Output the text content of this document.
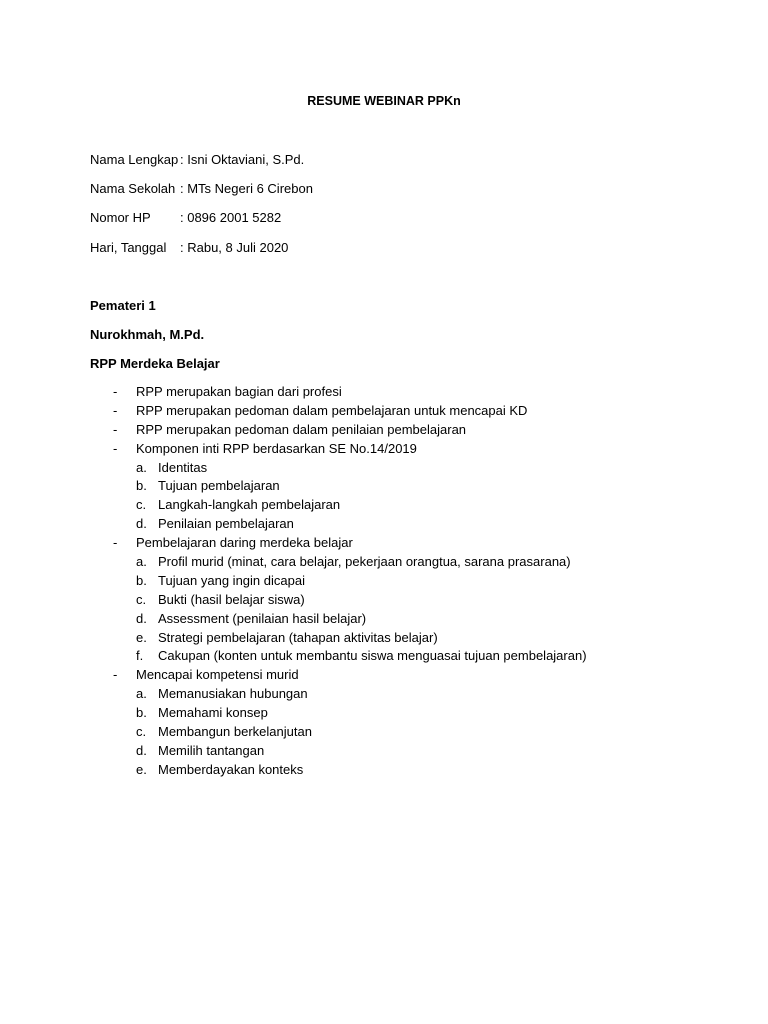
RESUME WEBINAR PPKn
Nama Lengkap : Isni Oktaviani, S.Pd.
Nama Sekolah : MTs Negeri 6 Cirebon
Nomor HP : 0896 2001 5282
Hari, Tanggal : Rabu, 8 Juli 2020
Pemateri 1
Nurokhmah, M.Pd.
RPP Merdeka Belajar
- RPP merupakan bagian dari profesi
- RPP merupakan pedoman dalam pembelajaran untuk mencapai KD
- RPP merupakan pedoman dalam penilaian pembelajaran
- Komponen inti RPP berdasarkan SE No.14/2019
a. Identitas
b. Tujuan pembelajaran
c. Langkah-langkah pembelajaran
d. Penilaian pembelajaran
- Pembelajaran daring merdeka belajar
a. Profil murid (minat, cara belajar, pekerjaan orangtua, sarana prasarana)
b. Tujuan yang ingin dicapai
c. Bukti (hasil belajar siswa)
d. Assessment (penilaian hasil belajar)
e. Strategi pembelajaran (tahapan aktivitas belajar)
f. Cakupan (konten untuk membantu siswa menguasai tujuan pembelajaran)
- Mencapai kompetensi murid
a. Memanusiakan hubungan
b. Memahami konsep
c. Membangun berkelanjutan
d. Memilih tantangan
e. Memberdayakan konteks
